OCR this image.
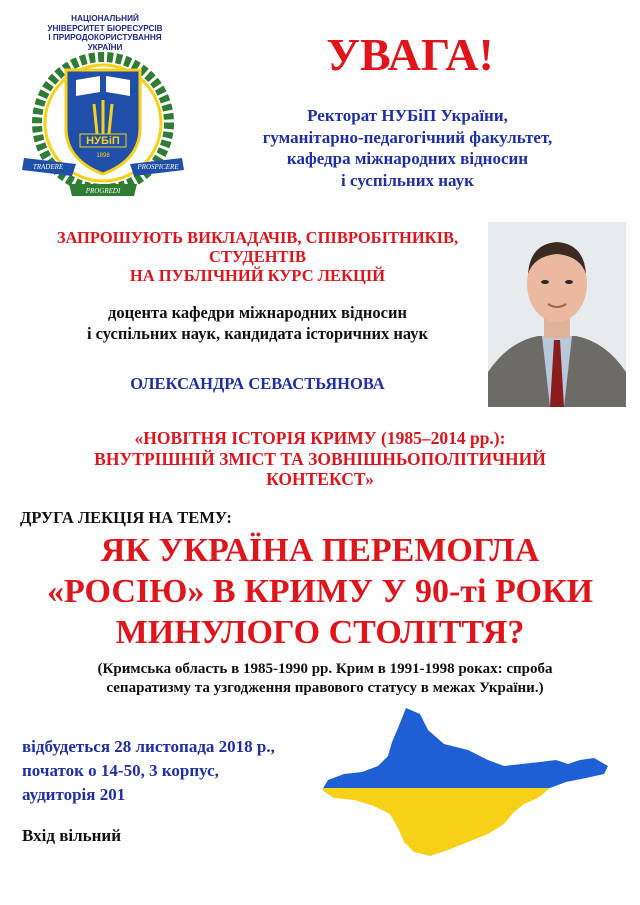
НАЦІОНАЛЬНИЙ
УНІВЕРСИТЕТ БІОРЕСУРСІВ
І ПРИРОДОКОРИСТУВАННЯ УКРАЇНИ
НУБіП
1898
TRADERE	PROSPICERE
PROGREDI
УВАГА!
Ректорат НУБіП України,
гуманітарно-педагогічний факультет,
кафедра міжнародних відносин
і суспільних наук
ЗАПРОШУЮТЬ ВИКЛАДАЧІВ, СПІВРОБІТНИКІВ,
СТУДЕНТІВ
НА ПУБЛІЧНИЙ КУРС ЛЕКЦІЙ
доцента кафедри міжнародних відносин
і суспільних наук, кандидата історичних наук
ОЛЕКСАНДРА СЕВАСТЬЯНОВА
«НОВІТНЯ ІСТОРІЯ КРИМУ (1985–2014 рр.):
ВНУТРІШНІЙ ЗМІСТ ТА ЗОВНІШНЬОПОЛІТИЧНИЙ
КОНТЕКСТ»
ДРУГА ЛЕКЦІЯ НА ТЕМУ:
ЯК УКРАЇНА ПЕРЕМОГЛА
«РОСІЮ» В КРИМУ У 90-ті РОКИ
МИНУЛОГО СТОЛІТТЯ?
(Кримська область в 1985-1990 рр. Крим в 1991-1998 роках: спроба
сепаратизму та узгодження правового статусу в межах України.)
відбудеться 28 листопада 2018 р.,
початок о 14-50, 3 корпус,
аудиторія 201
Вхід вільний
